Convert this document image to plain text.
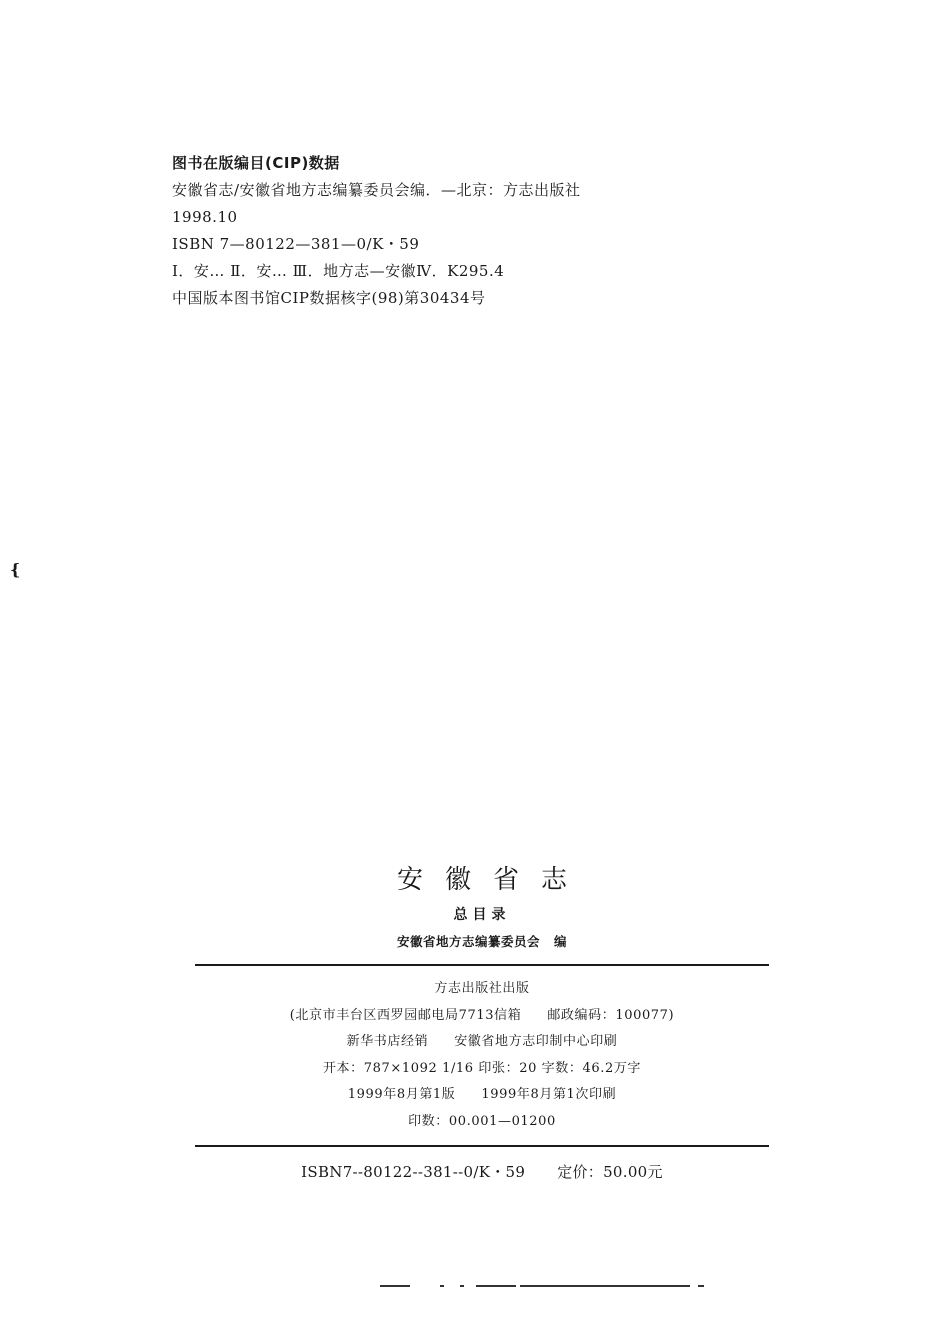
图书在版编目(CIP)数据
安徽省志/安徽省地方志编纂委员会编．—北京：方志出版社
1998.10
ISBN 7—80122—381—0/K・59
Ⅰ．安… Ⅱ．安… Ⅲ．地方志—安徽Ⅳ．K295.4
中国版本图书馆CIP数据核字(98)第30434号
{
安徽省志
总目录
安徽省地方志编纂委员会 编
方志出版社出版
(北京市丰台区西罗园邮电局7713信箱 邮政编码：100077)
新华书店经销 安徽省地方志印制中心印刷
开本：787×1092 1/16 印张：20 字数：46.2万字
1999年8月第1版 1999年8月第1次印刷
印数：00.001—01200
ISBN7--80122--381--0/K・59 定价：50.00元
